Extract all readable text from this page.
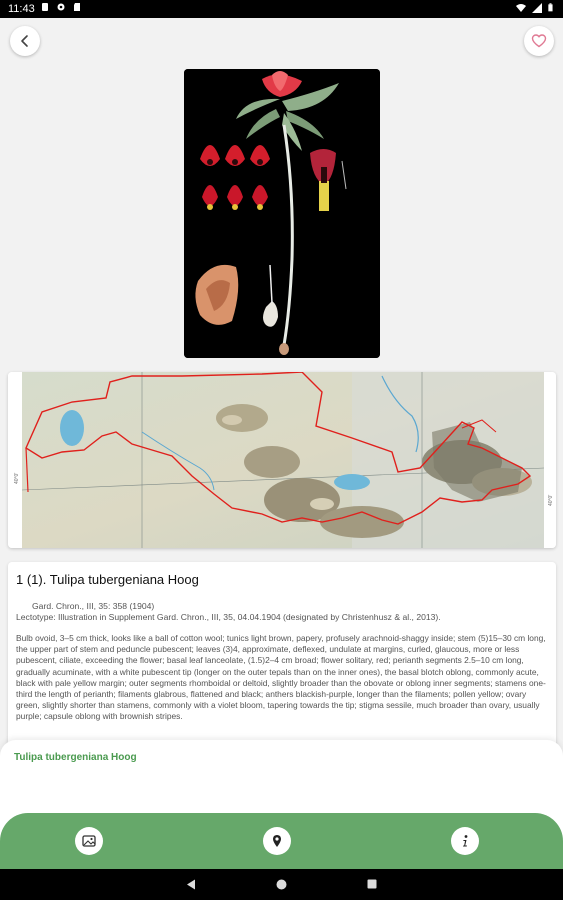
11:43
40°0'
40°0'
1 (1). Tulipa tubergeniana Hoog
Gard. Chron., III, 35: 358 (1904)
Lectotype: Illustration in Supplement Gard. Chron., III, 35, 04.04.1904 (designated by Christenhusz & al., 2013).
Bulb ovoid, 3–5 cm thick, looks like a ball of cotton wool; tunics light brown, papery, profusely arachnoid-shaggy inside; stem (5)15–30 cm long, the upper part of stem and peduncle pubescent; leaves (3)4, approximate, deflexed, undulate at margins, curled, glaucous, more or less pubescent, ciliate, exceeding the flower; basal leaf lanceolate, (1.5)2–4 cm broad; flower solitary, red; perianth segments 2.5–10 cm long, gradually acuminate, with a white pubescent tip (longer on the outer tepals than on the inner ones), the basal blotch oblong, commonly acute, black with pale yellow margin; outer segments rhomboidal or deltoid, slightly broader than the obovate or oblong inner segments; stamens one-third the length of perianth; filaments glabrous, flattened and black; anthers blackish-purple, longer than the filaments; pollen yellow; ovary green, slightly shorter than stamens, commonly with a violet bloom, tapering towards the tip; stigma sessile, much broader than ovary, usually purple; capsule oblong with brownish stripes.
Tulipa tubergeniana Hoog
